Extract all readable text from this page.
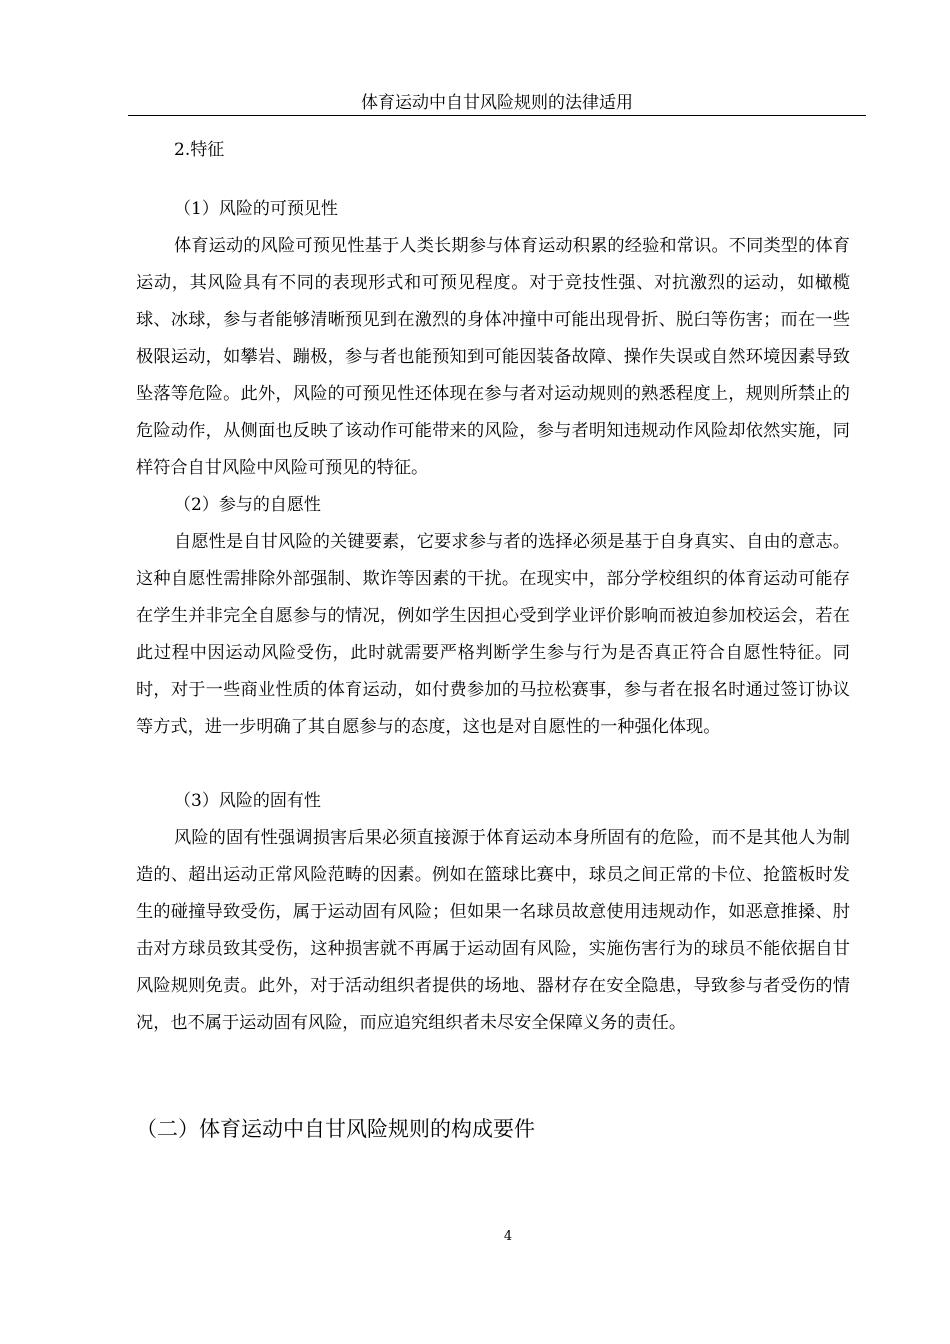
体育运动中自甘风险规则的法律适用
2.特征

（1）风险的可预见性

体育运动的风险可预见性基于人类长期参与体育运动积累的经验和常识。不同类型的体育运动，其风险具有不同的表现形式和可预见程度。对于竞技性强、对抗激烈的运动，如橄榄球、冰球，参与者能够清晰预见到在激烈的身体冲撞中可能出现骨折、脱臼等伤害；而在一些极限运动，如攀岩、蹦极，参与者也能预知到可能因装备故障、操作失误或自然环境因素导致坠落等危险。此外，风险的可预见性还体现在参与者对运动规则的熟悉程度上，规则所禁止的危险动作，从侧面也反映了该动作可能带来的风险，参与者明知违规动作风险却依然实施，同样符合自甘风险中风险可预见的特征。

（2）参与的自愿性

自愿性是自甘风险的关键要素，它要求参与者的选择必须是基于自身真实、自由的意志。这种自愿性需排除外部强制、欺诈等因素的干扰。在现实中，部分学校组织的体育运动可能存在学生并非完全自愿参与的情况，例如学生因担心受到学业评价影响而被迫参加校运会，若在此过程中因运动风险受伤，此时就需要严格判断学生参与行为是否真正符合自愿性特征。同时，对于一些商业性质的体育运动，如付费参加的马拉松赛事，参与者在报名时通过签订协议等方式，进一步明确了其自愿参与的态度，这也是对自愿性的一种强化体现。

（3）风险的固有性

风险的固有性强调损害后果必须直接源于体育运动本身所固有的危险，而不是其他人为制造的、超出运动正常风险范畴的因素。例如在篮球比赛中，球员之间正常的卡位、抢篮板时发生的碰撞导致受伤，属于运动固有风险；但如果一名球员故意使用违规动作，如恶意推搡、肘击对方球员致其受伤，这种损害就不再属于运动固有风险，实施伤害行为的球员不能依据自甘风险规则免责。此外，对于活动组织者提供的场地、器材存在安全隐患，导致参与者受伤的情况，也不属于运动固有风险，而应追究组织者未尽安全保障义务的责任。

（二）体育运动中自甘风险规则的构成要件
4
